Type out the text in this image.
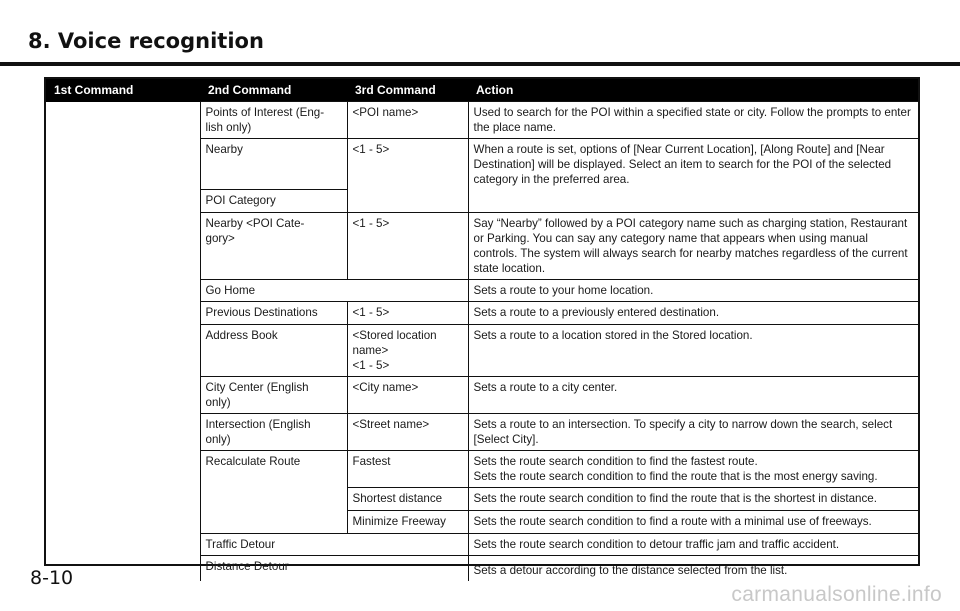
8. Voice recognition
1st Command	2nd Command	3rd Command	Action
	Points of Interest (Eng-
lish only)	<POI name>	Used to search for the POI within a specified state or city. Follow the prompts to enter the place name.
	Nearby	<1 - 5>	When a route is set, options of [Near Current Location], [Along Route] and [Near Destination] will be displayed. Select an item to search for the POI of the selected category in the preferred area.
	POI Category		
	Nearby <POI Cate-
gory>	<1 - 5>	Say “Nearby” followed by a POI category name such as charging station, Restaurant or Parking. You can say any category name that appears when using manual controls. The system will always search for nearby matches regardless of the current state location.
	Go Home		Sets a route to your home location.
	Previous Destinations	<1 - 5>	Sets a route to a previously entered destination.
	Address Book	<Stored location
name>
<1 - 5>	Sets a route to a location stored in the Stored location.
	City Center (English
only)	<City name>	Sets a route to a city center.
	Intersection (English
only)	<Street name>	Sets a route to an intersection. To specify a city to narrow down the search, select [Select City].
	Recalculate Route	Fastest	Sets the route search condition to find the fastest route.
Sets the route search condition to find the route that is the most energy saving.
		Shortest distance	Sets the route search condition to find the route that is the shortest in distance.
		Minimize Freeway	Sets the route search condition to find a route with a minimal use of freeways.
	Traffic Detour		Sets the route search condition to detour traffic jam and traffic accident.
	Distance Detour		Sets a detour according to the distance selected from the list.
8-10
carmanualsonline.info
